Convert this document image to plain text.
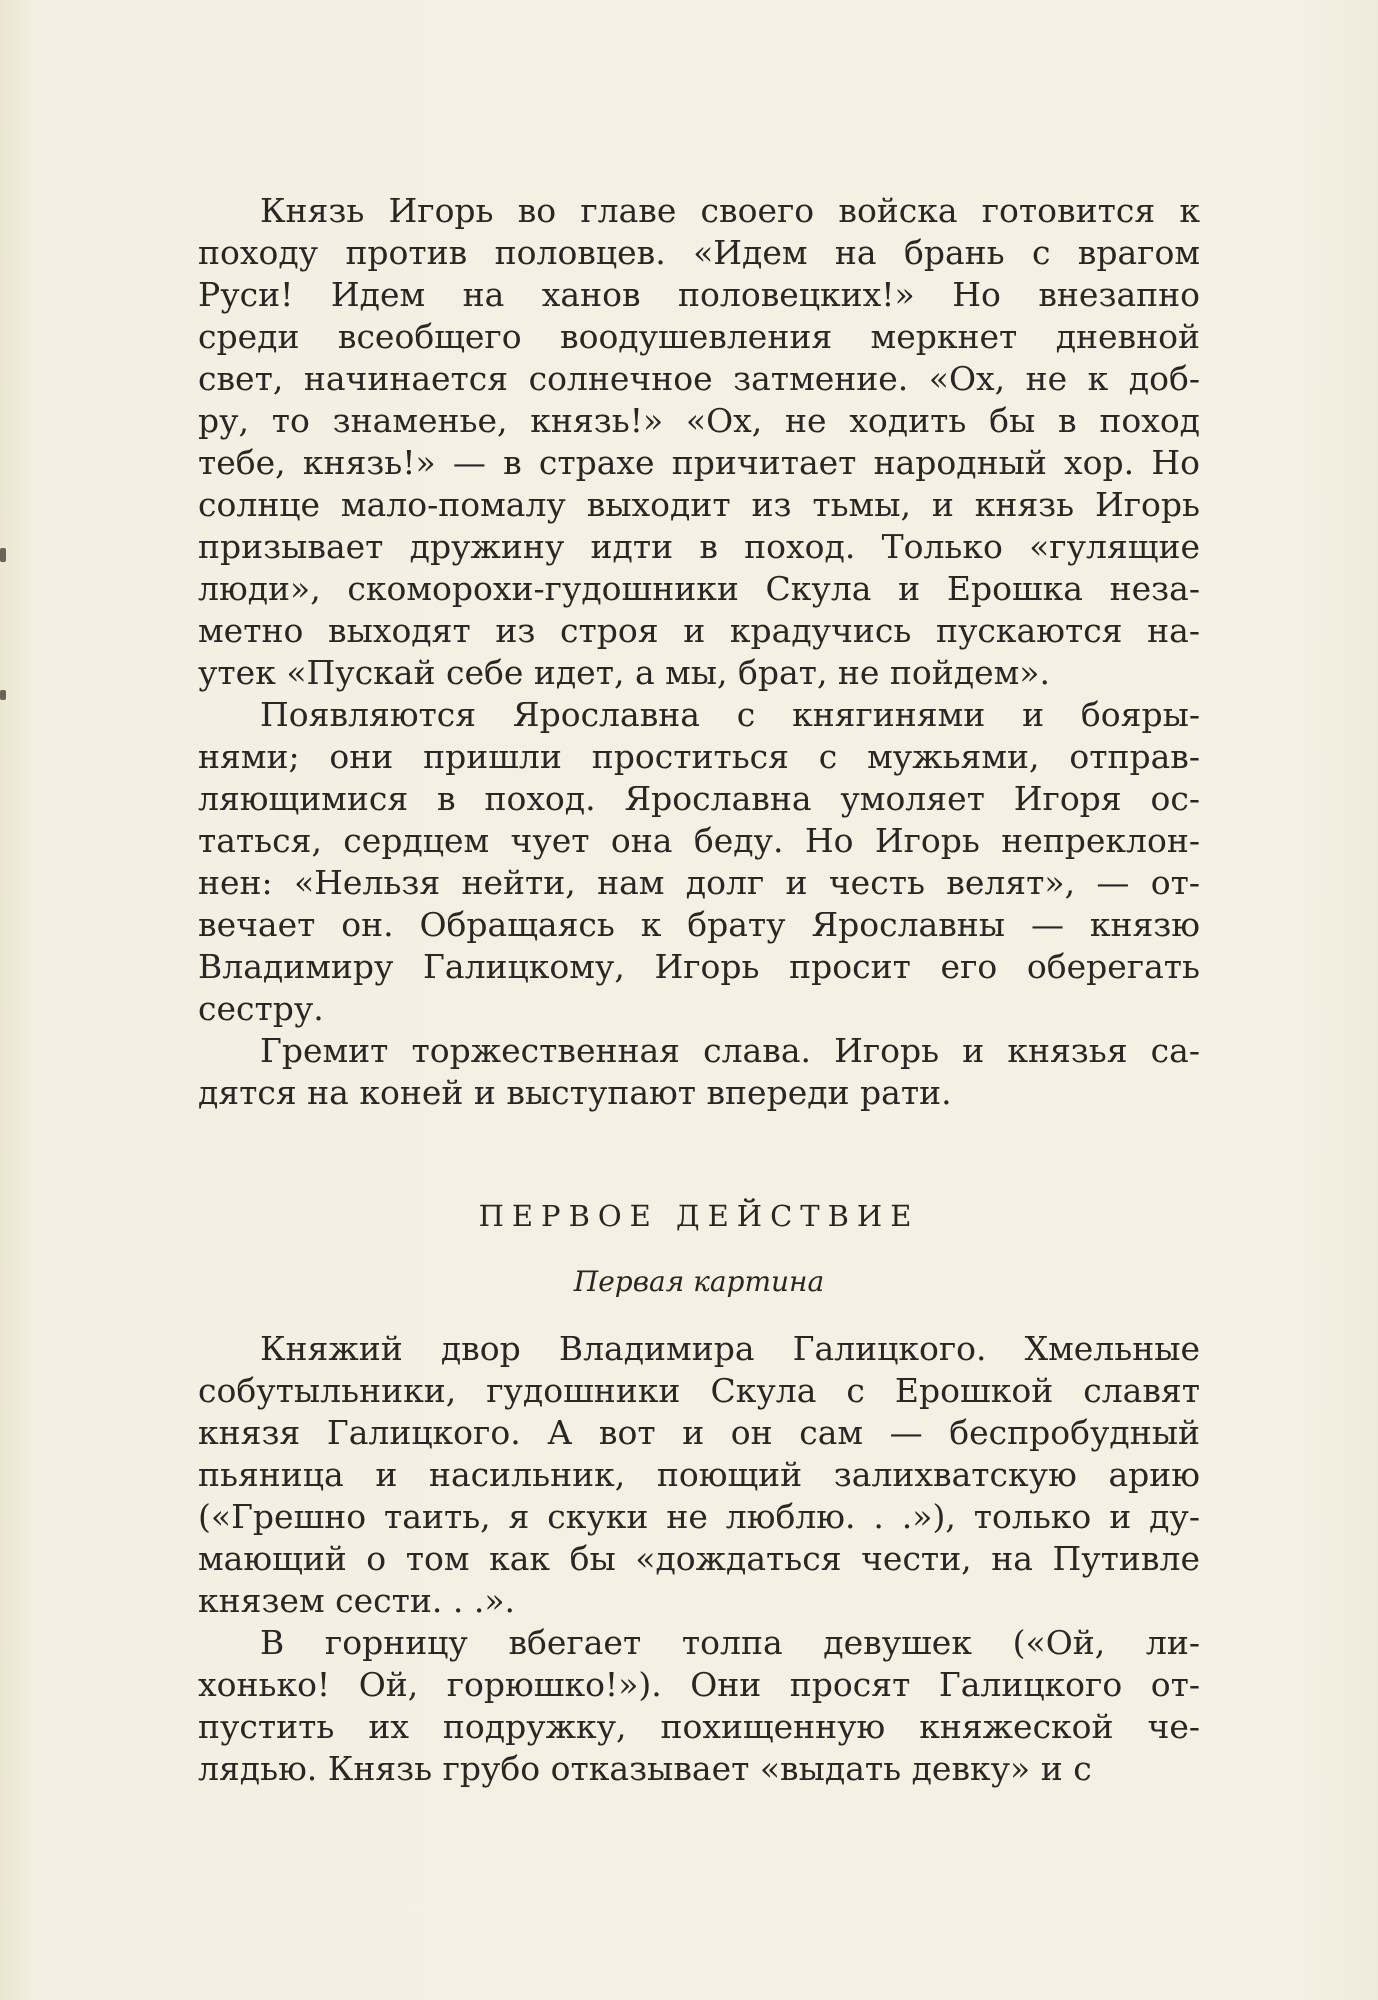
Князь Игорь во главе своего войска готовится к
походу против половцев. «Идем на брань с врагом
Руси! Идем на ханов половецких!» Но внезапно
среди всеобщего воодушевления меркнет дневной
свет, начинается солнечное затмение. «Ох, не к доб-
ру, то знаменье, князь!» «Ох, не ходить бы в поход
тебе, князь!» — в страхе причитает народный хор. Но
солнце мало-помалу выходит из тьмы, и князь Игорь
призывает дружину идти в поход. Только «гулящие
люди», скоморохи-гудошники Скула и Ерошка неза-
метно выходят из строя и крадучись пускаются на-
утек «Пускай себе идет, а мы, брат, не пойдем».
Появляются Ярославна с княгинями и бояры-
нями; они пришли проститься с мужьями, отправ-
ляющимися в поход. Ярославна умоляет Игоря ос-
таться, сердцем чует она беду. Но Игорь непреклон-
нен: «Нельзя нейти, нам долг и честь велят», — от-
вечает он. Обращаясь к брату Ярославны — князю
Владимиру Галицкому, Игорь просит его оберегать
сестру.
Гремит торжественная слава. Игорь и князья са-
дятся на коней и выступают впереди рати.
ПЕРВОЕ ДЕЙСТВИЕ
Первая картина
Княжий двор Владимира Галицкого. Хмельные
собутыльники, гудошники Скула с Ерошкой славят
князя Галицкого. А вот и он сам — беспробудный
пьяница и насильник, поющий залихватскую арию
(«Грешно таить, я скуки не люблю. . .»), только и ду-
мающий о том как бы «дождаться чести, на Путивле
князем сести. . .».
В горницу вбегает толпа девушек («Ой, ли-
хонько! Ой, горюшко!»). Они просят Галицкого от-
пустить их подружку, похищенную княжеской че-
лядью. Князь грубо отказывает «выдать девку» и с
